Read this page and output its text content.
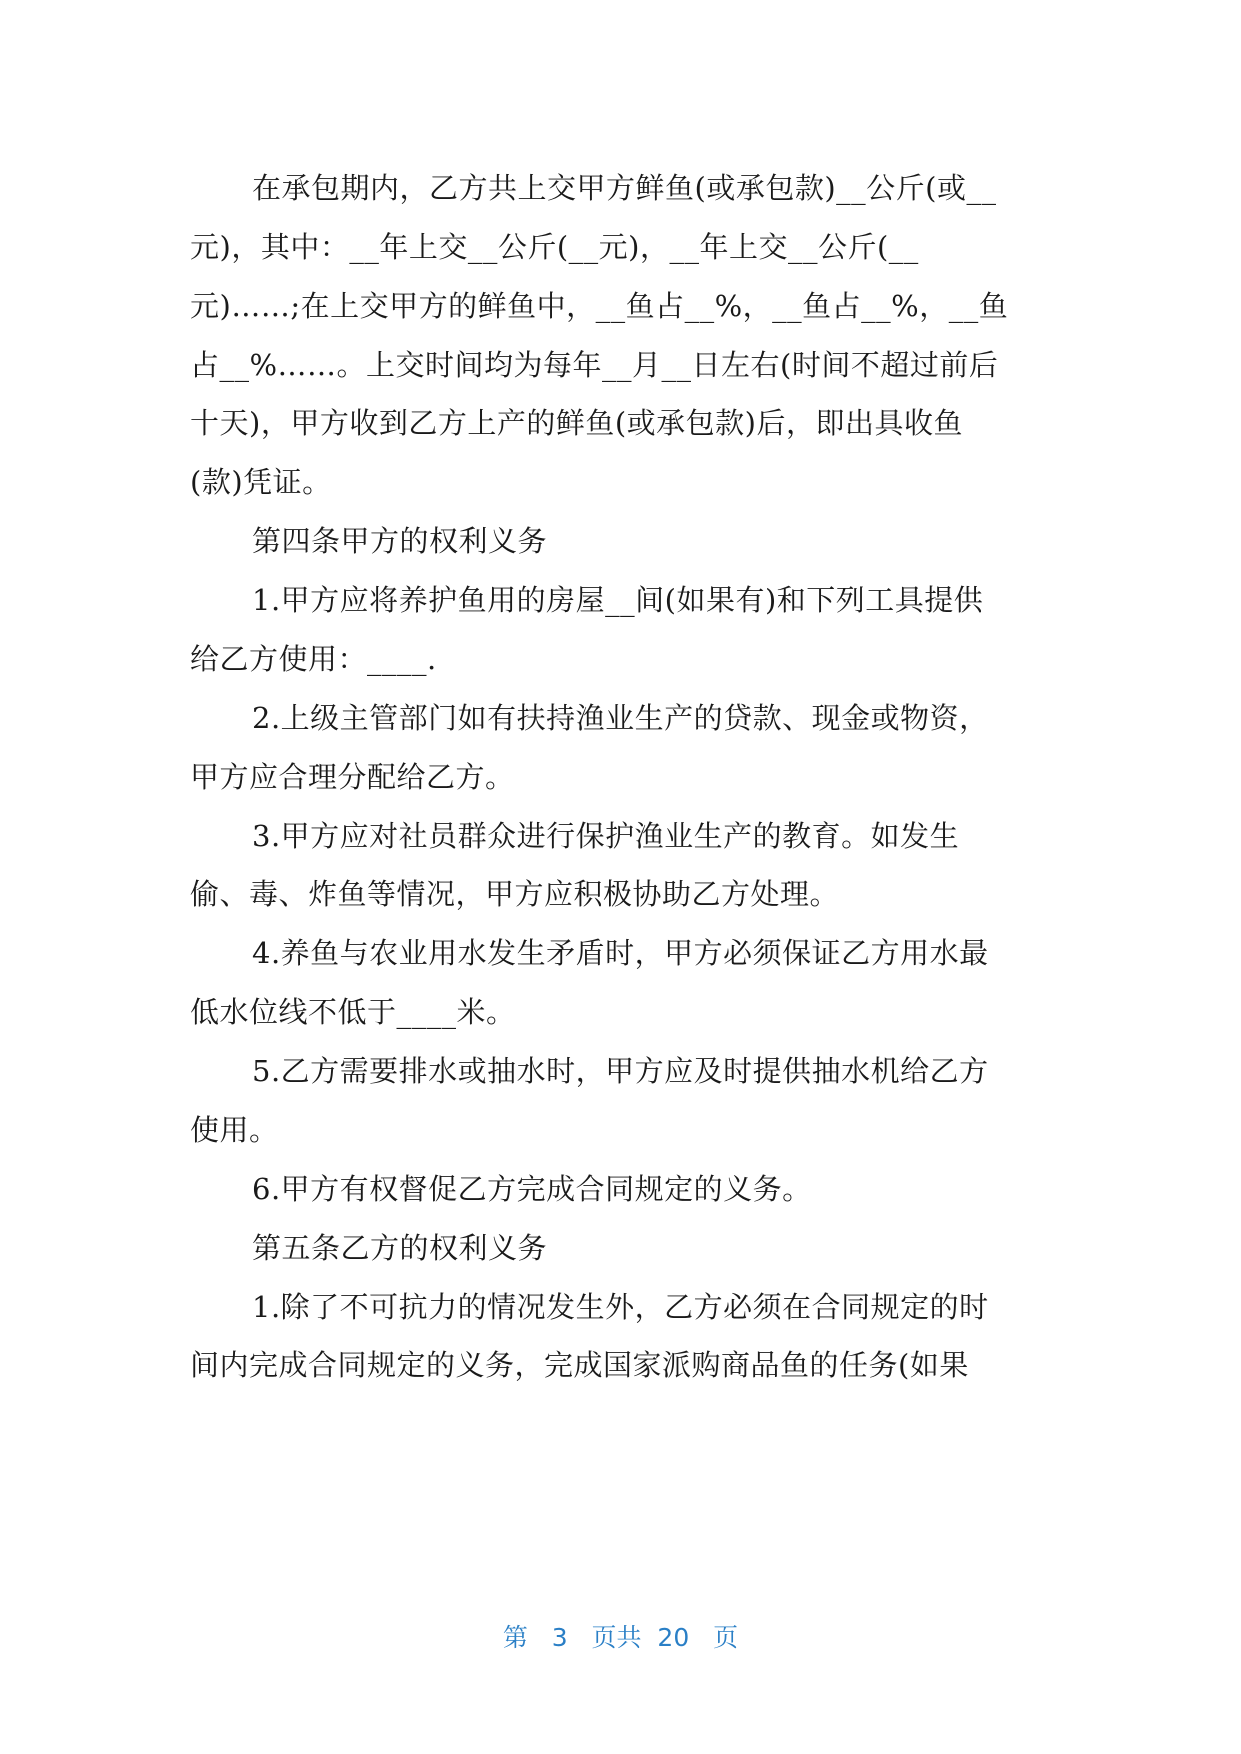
在承包期内，乙方共上交甲方鲜鱼(或承包款)__公斤(或__
元)，其中：__年上交__公斤(__元)，__年上交__公斤(__
元)……;在上交甲方的鲜鱼中，__鱼占__%，__鱼占__%，__鱼
占__%……。上交时间均为每年__月__日左右(时间不超过前后
十天)，甲方收到乙方上产的鲜鱼(或承包款)后，即出具收鱼
(款)凭证。
第四条甲方的权利义务
1.甲方应将养护鱼用的房屋__间(如果有)和下列工具提供
给乙方使用：____.
2.上级主管部门如有扶持渔业生产的贷款、现金或物资，
甲方应合理分配给乙方。
3.甲方应对社员群众进行保护渔业生产的教育。如发生
偷、毒、炸鱼等情况，甲方应积极协助乙方处理。
4.养鱼与农业用水发生矛盾时，甲方必须保证乙方用水最
低水位线不低于____米。
5.乙方需要排水或抽水时，甲方应及时提供抽水机给乙方
使用。
6.甲方有权督促乙方完成合同规定的义务。
第五条乙方的权利义务
1.除了不可抗力的情况发生外，乙方必须在合同规定的时
间内完成合同规定的义务，完成国家派购商品鱼的任务(如果
第 3 页共 20 页
